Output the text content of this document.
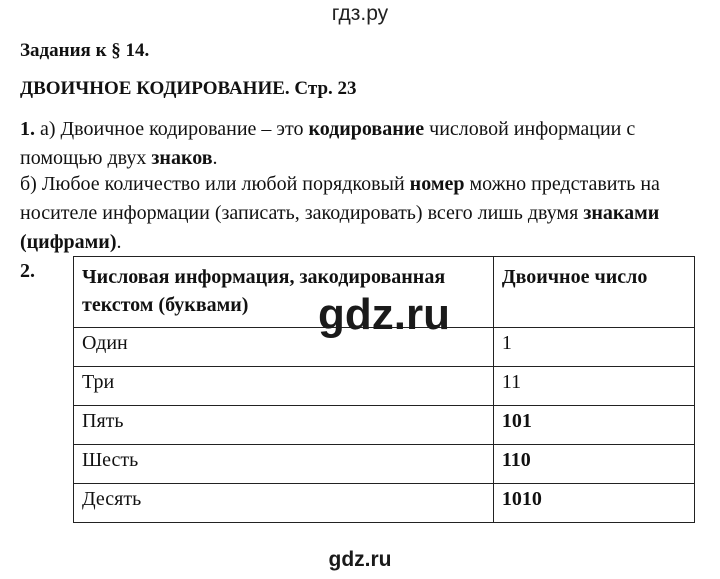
гдз.ру
Задания к § 14.
ДВОИЧНОЕ КОДИРОВАНИЕ. Стр. 23
1. а) Двоичное кодирование – это кодирование числовой информации с помощью двух знаков.
б) Любое количество или любой порядковый номер можно представить на носителе информации (записать, закодировать) всего лишь двумя знаками (цифрами).
2. Числовая информация, закодированная текстом (буквами)	Двоичное число
Один	1
Три	11
Пять	101
Шесть	110
Десять	1010
gdz.ru
gdz.ru
